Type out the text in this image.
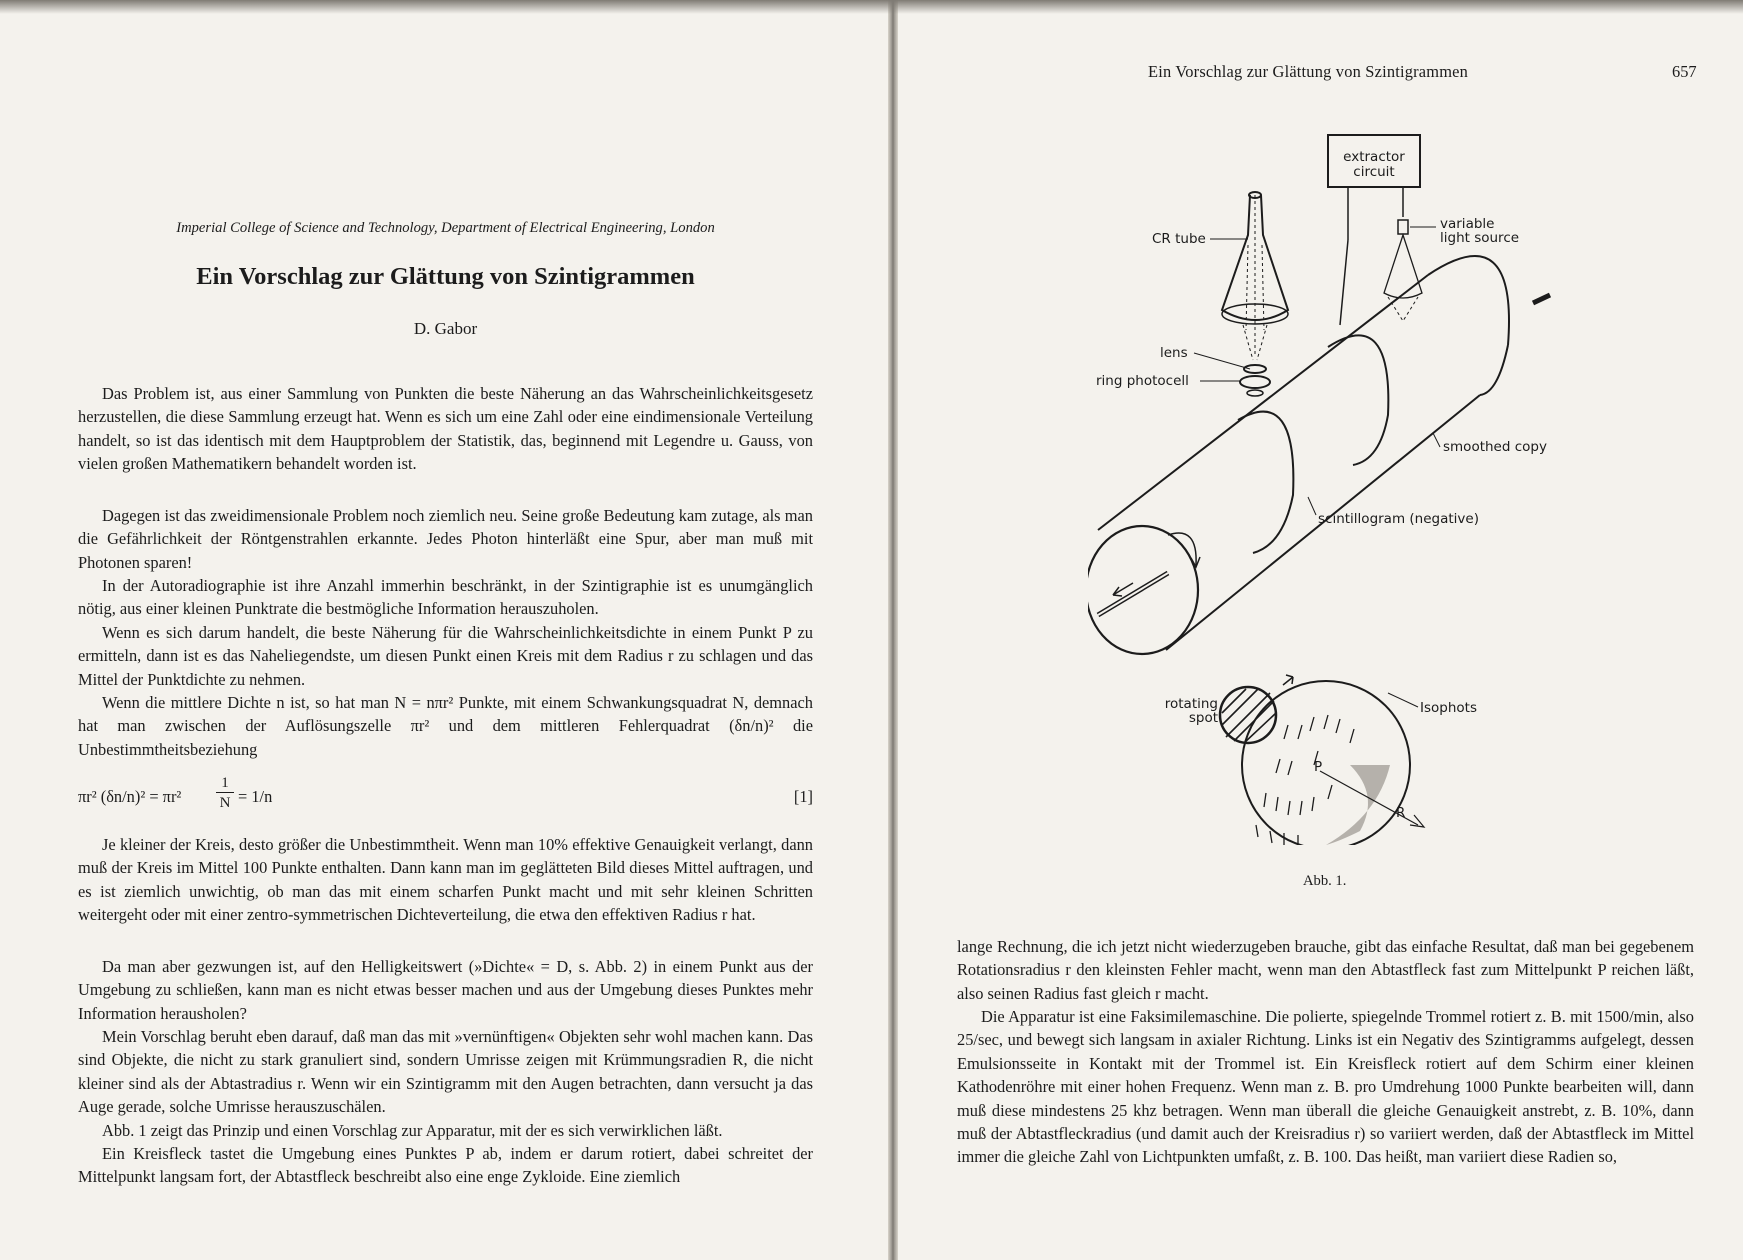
Imperial College of Science and Technology, Department of Electrical Engineering, London
Ein Vorschlag zur Glättung von Szintigrammen
D. Gabor

Das Problem ist, aus einer Sammlung von Punkten die beste Näherung an das Wahrscheinlichkeitsgesetz herzustellen, die diese Sammlung erzeugt hat. Wenn es sich um eine Zahl oder eine eindimensionale Verteilung handelt, so ist das identisch mit dem Hauptproblem der Statistik, das, beginnend mit Legendre u. Gauss, von vielen großen Mathematikern behandelt worden ist.

Dagegen ist das zweidimensionale Problem noch ziemlich neu. Seine große Bedeutung kam zutage, als man die Gefährlichkeit der Röntgenstrahlen erkannte. Jedes Photon hinterläßt eine Spur, aber man muß mit Photonen sparen!

In der Autoradiographie ist ihre Anzahl immerhin beschränkt, in der Szintigraphie ist es unumgänglich nötig, aus einer kleinen Punktrate die bestmögliche Information herauszuholen.

Wenn es sich darum handelt, die beste Näherung für die Wahrscheinlichkeitsdichte in einem Punkt P zu ermitteln, dann ist es das Naheliegendste, um diesen Punkt einen Kreis mit dem Radius r zu schlagen und das Mittel der Punktdichte zu nehmen.

Wenn die mittlere Dichte n ist, so hat man N = nπr² Punkte, mit einem Schwankungsquadrat N, demnach hat man zwischen der Auflösungszelle πr² und dem mittleren Fehlerquadrat (δn/n)² die Unbestimmtheitsbeziehung

πr² $(\delta n/n)^2 = \pi r^2 \frac{1}{N} = 1/n$	[1]

Je kleiner der Kreis, desto größer die Unbestimmtheit. Wenn man 10% effektive Genauigkeit verlangt, dann muß der Kreis im Mittel 100 Punkte enthalten. Dann kann man im geglätteten Bild dieses Mittel auftragen, und es ist ziemlich unwichtig, ob man das mit einem scharfen Punkt macht und mit sehr kleinen Schritten weitergeht oder mit einer zentro-symmetrischen Dichteverteilung, die etwa den effektiven Radius r hat.

Da man aber gezwungen ist, auf den Helligkeitswert (»Dichte« = D, s. Abb. 2) in einem Punkt aus der Umgebung zu schließen, kann man es nicht etwas besser machen und aus der Umgebung dieses Punktes mehr Information herausholen?

Mein Vorschlag beruht eben darauf, daß man das mit »vernünftigen« Objekten sehr wohl machen kann. Das sind Objekte, die nicht zu stark granuliert sind, sondern Umrisse zeigen mit Krümmungsradien R, die nicht kleiner sind als der Abtastradius r. Wenn wir ein Szintigramm mit den Augen betrachten, dann versucht ja das Auge gerade, solche Umrisse herauszuschälen.

Abb. 1 zeigt das Prinzip und einen Vorschlag zur Apparatur, mit der es sich verwirklichen läßt.

Ein Kreisfleck tastet die Umgebung eines Punktes P ab, indem er darum rotiert, dabei schreitet der Mittelpunkt langsam fort, der Abtastfleck beschreibt also eine enge Zykloide. Eine ziemlich

Ein Vorschlag zur Glättung von Szintigrammen	657
extractor
circuit
variable
light source
CR tube
lens
ring photocell
smoothed copy
scintillogram (negative)
rotating
spot
P
R
Isophots
Abb. 1.

lange Rechnung, die ich jetzt nicht wiederzugeben brauche, gibt das einfache Resultat, daß man bei gegebenem Rotationsradius r den kleinsten Fehler macht, wenn man den Abtastfleck fast zum Mittelpunkt P reichen läßt, also seinen Radius fast gleich r macht.

Die Apparatur ist eine Faksimilemaschine. Die polierte, spiegelnde Trommel rotiert z. B. mit 1500/min, also 25/sec, und bewegt sich langsam in axialer Richtung. Links ist ein Negativ des Szintigramms aufgelegt, dessen Emulsionsseite in Kontakt mit der Trommel ist. Ein Kreisfleck rotiert auf dem Schirm einer kleinen Kathodenröhre mit einer hohen Frequenz. Wenn man z. B. pro Umdrehung 1000 Punkte bearbeiten will, dann muß diese mindestens 25 khz betragen. Wenn man überall die gleiche Genauigkeit anstrebt, z. B. 10%, dann muß der Abtastfleckradius (und damit auch der Kreisradius r) so variiert werden, daß der Abtastfleck im Mittel immer die gleiche Zahl von Lichtpunkten umfaßt, z. B. 100. Das heißt, man variiert diese Radien so,
